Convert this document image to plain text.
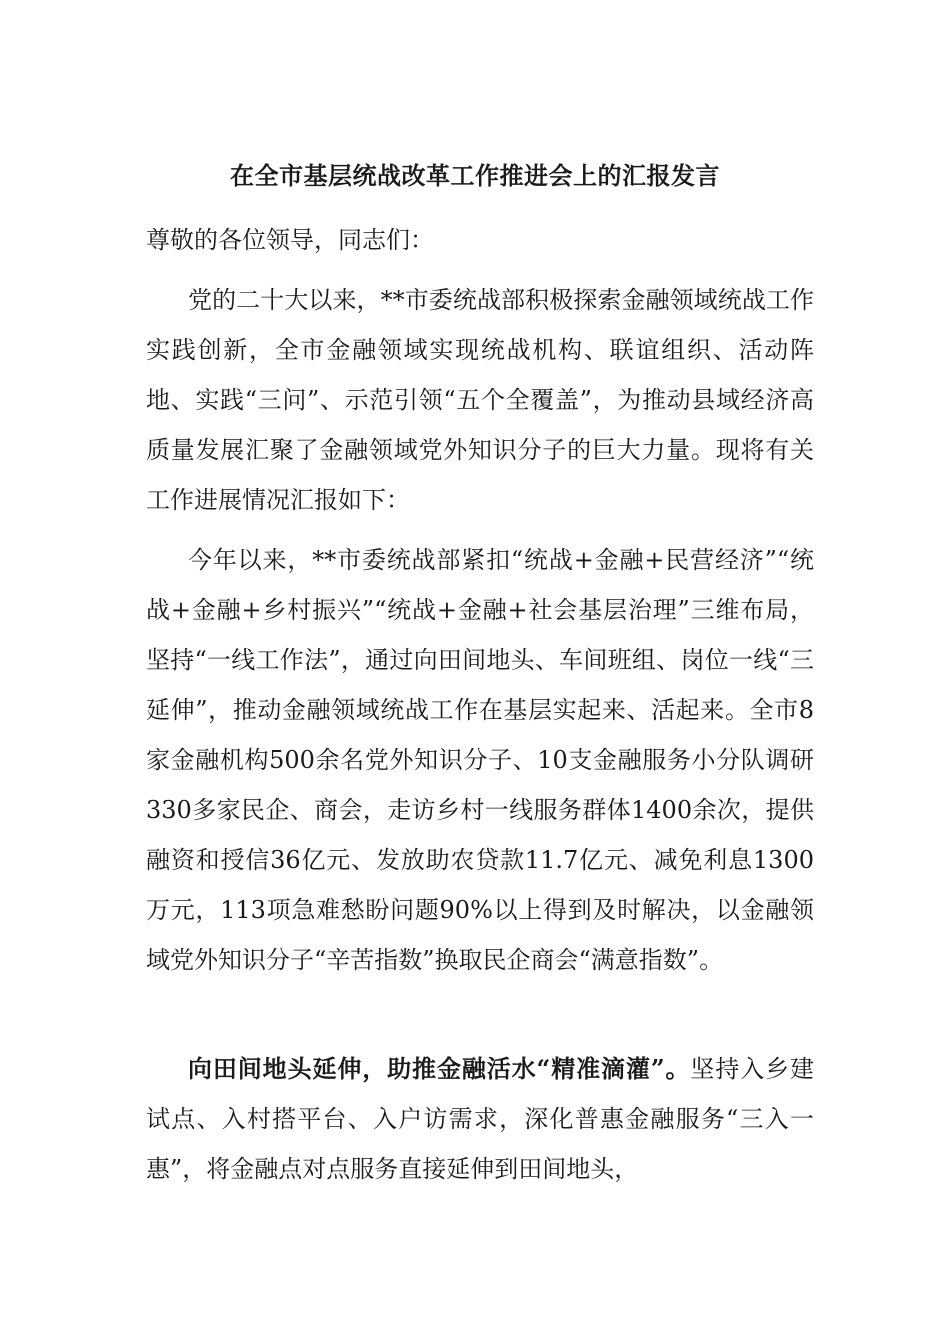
在全市基层统战改革工作推进会上的汇报发言
尊敬的各位领导，同志们：

党的二十大以来，**市委统战部积极探索金融领域统战工作实践创新，全市金融领域实现统战机构、联谊组织、活动阵地、实践“三问”、示范引领“五个全覆盖”，为推动县域经济高质量发展汇聚了金融领域党外知识分子的巨大力量。现将有关工作进展情况汇报如下：

今年以来，**市委统战部紧扣“统战+金融+民营经济”“统战+金融+乡村振兴”“统战+金融+社会基层治理”三维布局，坚持“一线工作法”，通过向田间地头、车间班组、岗位一线“三延伸”，推动金融领域统战工作在基层实起来、活起来。全市8家金融机构500余名党外知识分子、10支金融服务小分队调研330多家民企、商会，走访乡村一线服务群体1400余次，提供融资和授信36亿元、发放助农贷款11.7亿元、减免利息1300万元，113项急难愁盼问题90%以上得到及时解决，以金融领域党外知识分子“辛苦指数”换取民企商会“满意指数”。

向田间地头延伸，助推金融活水“精准滴灌”。坚持入乡建试点、入村搭平台、入户访需求，深化普惠金融服务“三入一惠”，将金融点对点服务直接延伸到田间地头，
